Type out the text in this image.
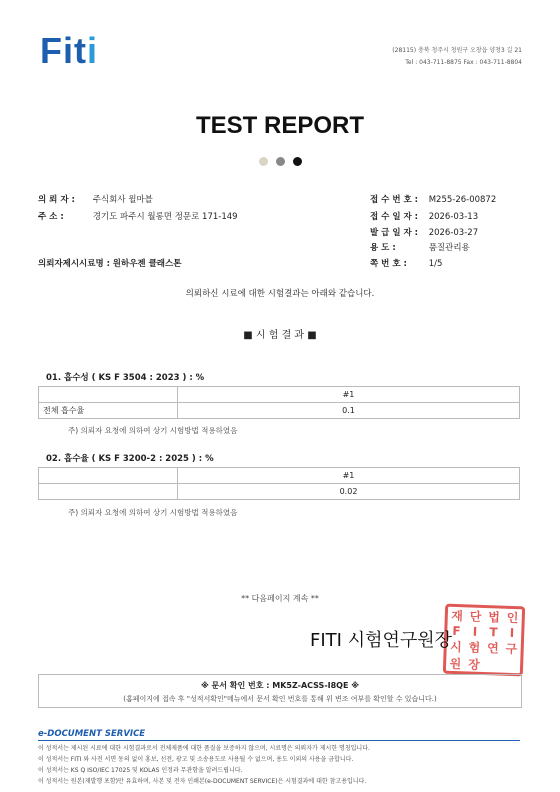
Fiti	(28115) 충북 청주시 청원구 오창읍 양청3 길 21
Tel : 043-711-8875 Fax : 043-711-8804
TEST REPORT
의 뢰 자 : 주식회사 윌마블
주 소 :	경기도 파주시 월롱면 정문로 171-149
의뢰자제시시료명 : 원하우젠 클래스톤
접 수 번 호 : M255-26-00872
접 수 일 자 : 2026-03-13
발 급 일 자 : 2026-03-27
용 도 :	품질관리용
쪽 번 호 :	1/5
의뢰하신 시료에 대한 시험결과는 아래와 같습니다.
■ 시 험 결 과 ■
01. 흡수성 ( KS F 3504 : 2023 ) : %
	#1
전체 흡수율	0.1
주) 의뢰자 요청에 의하여 상기 시험방법 적용하였음
02. 흡수율 ( KS F 3200-2 : 2025 ) : %
	#1
	0.02
주) 의뢰자 요청에 의하여 상기 시험방법 적용하였음
** 다음페이지 계속 **
재 단 법 인
F I T I
시 험 연 구
원 장
FITI 시험연구원장
※ 문서 확인 번호 : MK5Z-ACSS-I8QE ※
(홈페이지에 접속 후 "성적서확인"메뉴에서 문서 확인 번호를 통해 위 변조 여부를 확인할 수 있습니다.)
e-DOCUMENT SERVICE
이 성적서는 제시된 시료에 대한 시험결과로서 전체제품에 대한 품질을 보증하지 않으며, 시료명은 의뢰자가 제시한 명칭입니다.
이 성적서는 FITI 와 사전 서면 동의 없이 홍보, 선전, 광고 및 소송용도로 사용될 수 없으며, 용도 이외의 사용을 금합니다.
이 성적서는 KS Q ISO/IEC 17025 및 KOLAS 인정과 무관함을 알려드립니다.
이 성적서는 원본(재발행 포함)만 유효하며, 사본 및 전자 인쇄본(e-DOCUMENT SERVICE)은 시험결과에 대한 참고용입니다.
